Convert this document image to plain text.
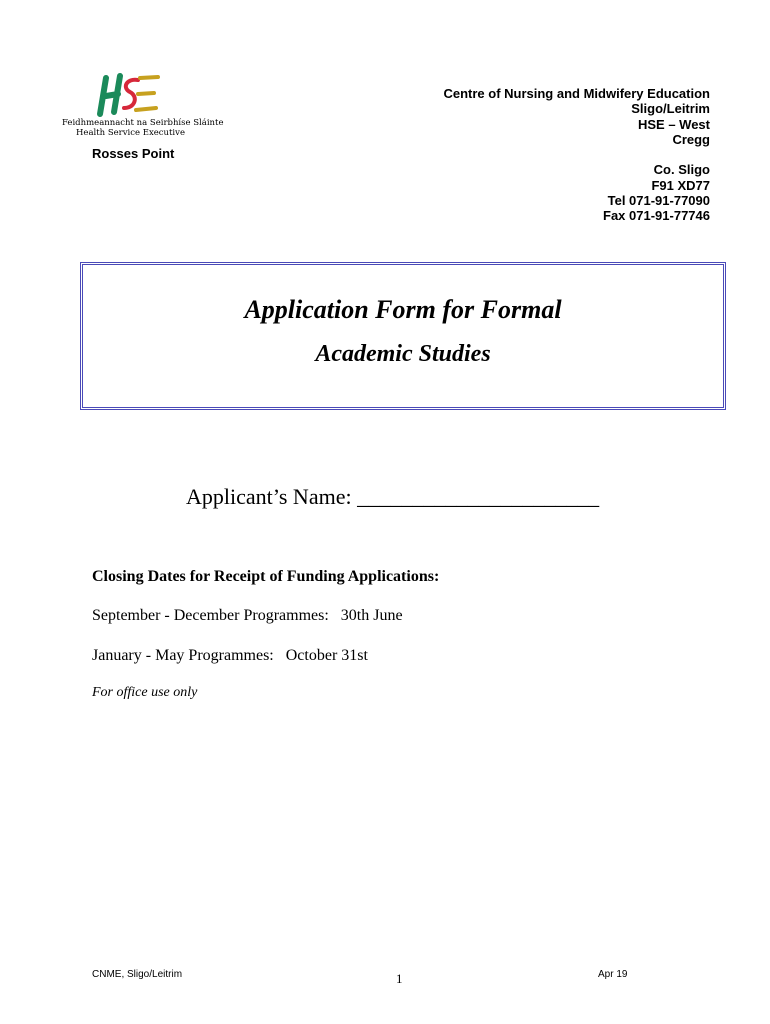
Feidhmeannacht na Seirbhíse Sláinte
Health Service Executive
Rosses Point
Centre of Nursing and Midwifery Education
Sligo/Leitrim
HSE – West
Cregg
Co. Sligo
F91 XD77
Tel 071-91-77090
Fax 071-91-77746
Application Form for Formal
Academic Studies
Applicant’s Name: ______________________
Closing Dates for Receipt of Funding Applications:
September - December Programmes:   30th June
January - May Programmes:   October 31st
For office use only
CNME, Sligo/Leitrim	1	Apr 19
